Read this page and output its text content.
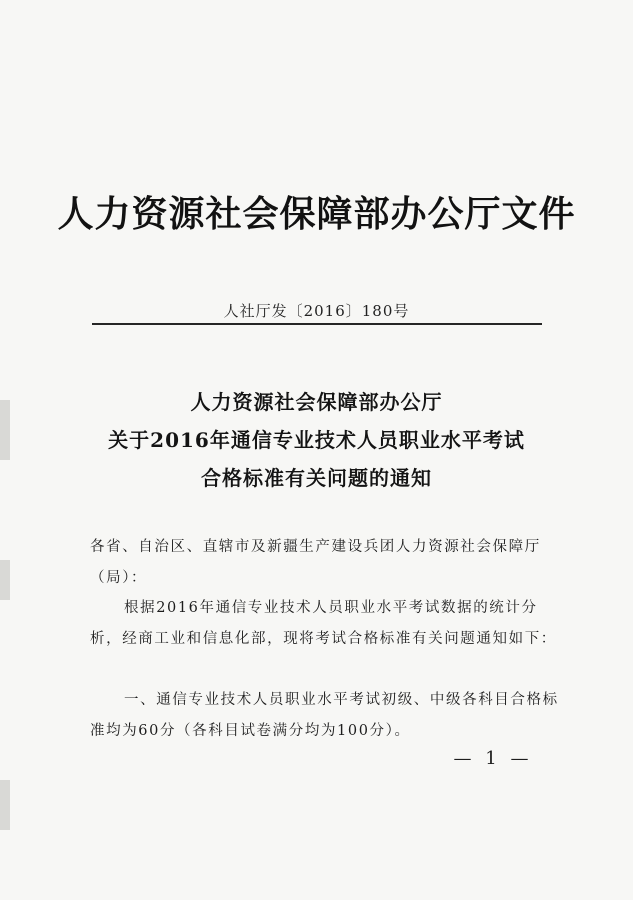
人力资源社会保障部办公厅文件
人社厅发〔2016〕180号
人力资源社会保障部办公厅
关于2016年通信专业技术人员职业水平考试
合格标准有关问题的通知
各省、自治区、直辖市及新疆生产建设兵团人力资源社会保障厅（局）：
根据2016年通信专业技术人员职业水平考试数据的统计分析，经商工业和信息化部，现将考试合格标准有关问题通知如下：
一、通信专业技术人员职业水平考试初级、中级各科目合格标准均为60分（各科目试卷满分均为100分）。
— 1 —
